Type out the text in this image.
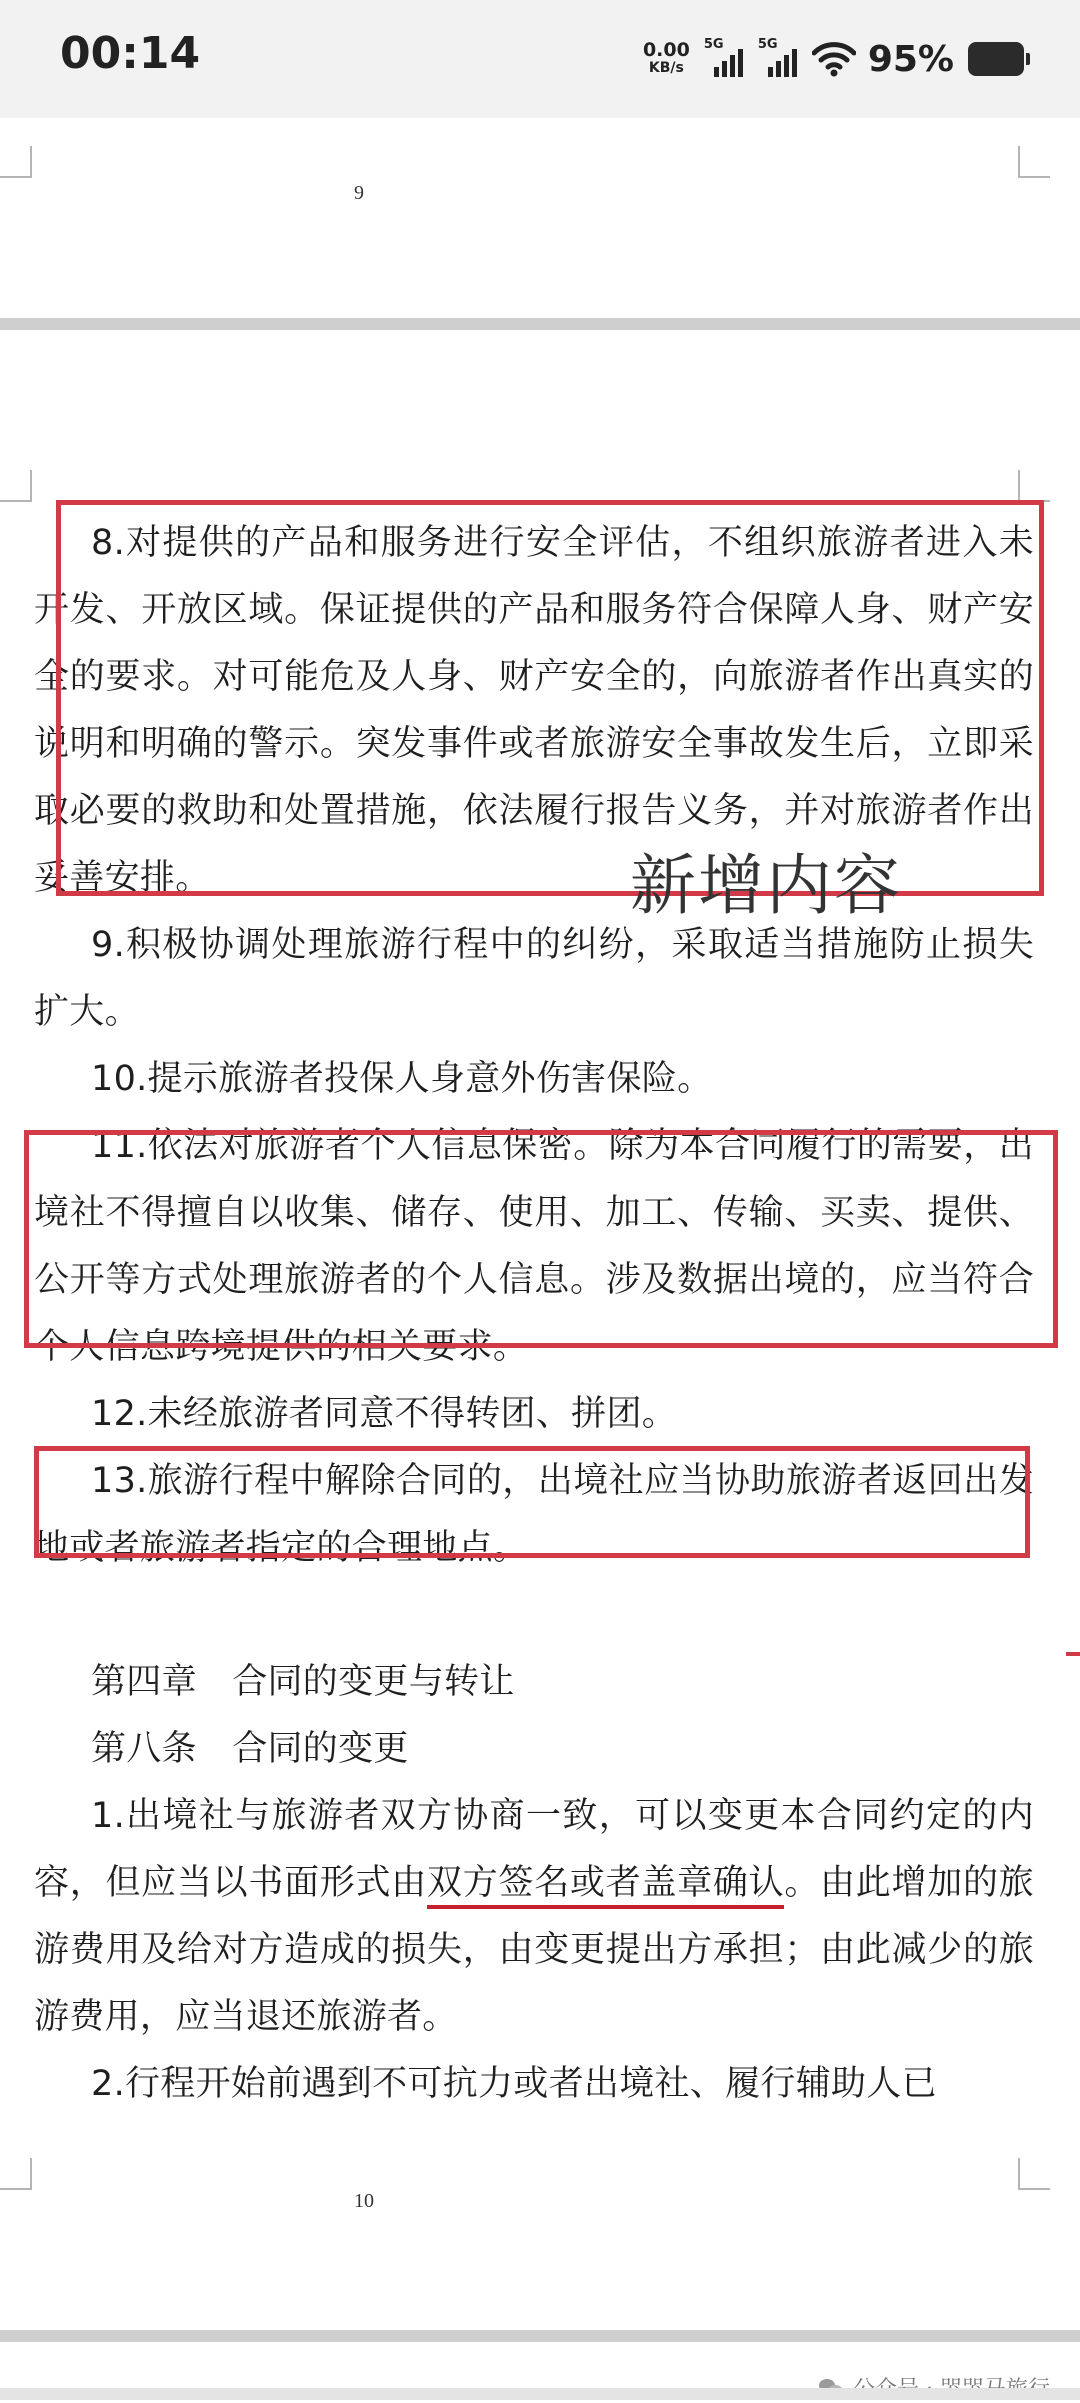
00:14	0.00
KB/s
5G	5G	95%
9

8.对提供的产品和服务进行安全评估，不组织旅游者进入未开发、开放区域。保证提供的产品和服务符合保障人身、财产安全的要求。对可能危及人身、财产安全的，向旅游者作出真实的说明和明确的警示。突发事件或者旅游安全事故发生后，立即采取必要的救助和处置措施，依法履行报告义务，并对旅游者作出妥善安排。

9.积极协调处理旅游行程中的纠纷，采取适当措施防止损失扩大。

10.提示旅游者投保人身意外伤害保险。

11.依法对旅游者个人信息保密。除为本合同履行的需要，出境社不得擅自以收集、储存、使用、加工、传输、买卖、提供、公开等方式处理旅游者的个人信息。涉及数据出境的，应当符合个人信息跨境提供的相关要求。

12.未经旅游者同意不得转团、拼团。

13.旅游行程中解除合同的，出境社应当协助旅游者返回出发地或者旅游者指定的合理地点。

第四章　合同的变更与转让

第八条　合同的变更

1.出境社与旅游者双方协商一致，可以变更本合同约定的内容，但应当以书面形式由双方签名或者盖章确认。由此增加的旅游费用及给对方造成的损失，由变更提出方承担；由此减少的旅游费用，应当退还旅游者。

2.行程开始前遇到不可抗力或者出境社、履行辅助人已

新增内容
10
